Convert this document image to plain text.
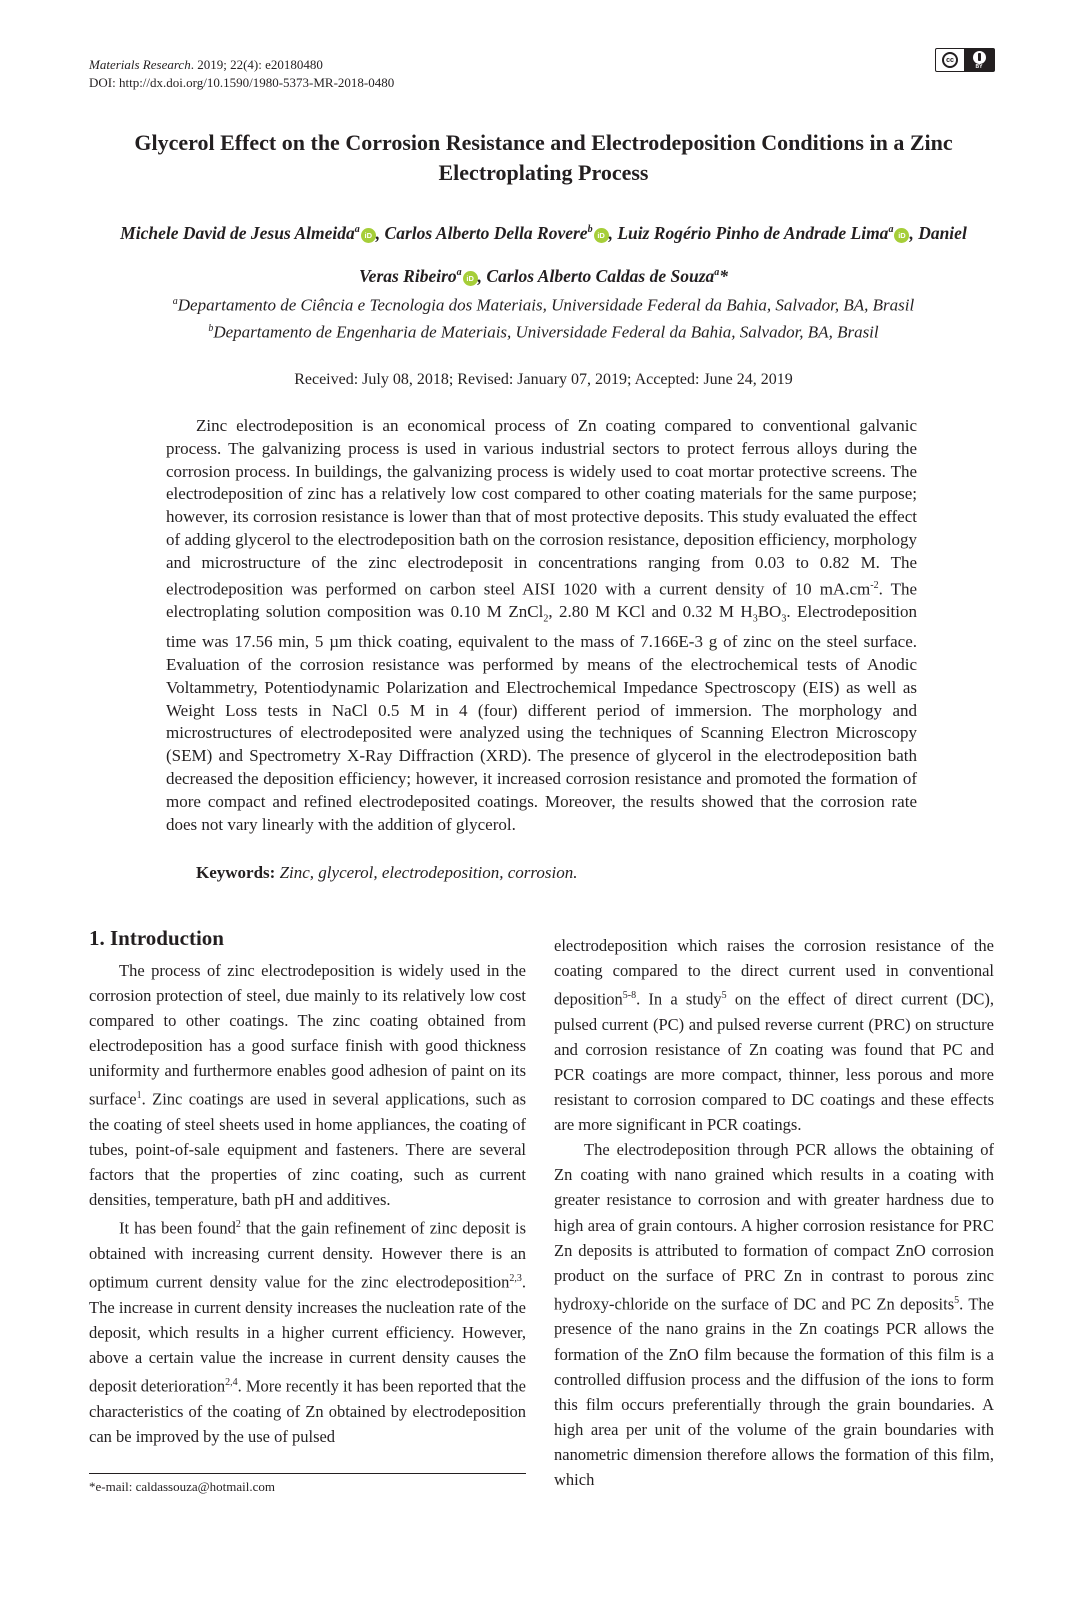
Materials Research. 2019; 22(4): e20180480
DOI: http://dx.doi.org/10.1590/1980-5373-MR-2018-0480
cc
BY
Glycerol Effect on the Corrosion Resistance and Electrodeposition Conditions in a Zinc Electroplating Process
Michele David de Jesus Almeida$^a$iD , Carlos Alberto Della Rovere$^b$iD , Luiz Rogério Pinho de Andrade Lima$^a$iD , Daniel Veras Ribeiro$^a$iD , Carlos Alberto Caldas de Souza$^a$*
$^a$Departamento de Ciência e Tecnologia dos Materiais, Universidade Federal da Bahia, Salvador, BA, Brasil
$^b$Departamento de Engenharia de Materiais, Universidade Federal da Bahia, Salvador, BA, Brasil
Received: July 08, 2018; Revised: January 07, 2019; Accepted: June 24, 2019

Zinc electrodeposition is an economical process of Zn coating compared to conventional galvanic process. The galvanizing process is used in various industrial sectors to protect ferrous alloys during the corrosion process. In buildings, the galvanizing process is widely used to coat mortar protective screens. The electrodeposition of zinc has a relatively low cost compared to other coating materials for the same purpose; however, its corrosion resistance is lower than that of most protective deposits. This study evaluated the effect of adding glycerol to the electrodeposition bath on the corrosion resistance, deposition efficiency, morphology and microstructure of the zinc electrodeposit in concentrations ranging from 0.03 to 0.82 M. The electrodeposition was performed on carbon steel AISI 1020 with a current density of 10 $mA.cm^{-2}$. The electroplating solution composition was 0.10 M ZnCl$_2$, 2.80 M KCl and 0.32 M $H_3BO_3$. Electrodeposition time was 17.56 min, 5 µm thick coating, equivalent to the mass of 7.166E-3 g of zinc on the steel surface. Evaluation of the corrosion resistance was performed by means of the electrochemical tests of Anodic Voltammetry, Potentiodynamic Polarization and Electrochemical Impedance Spectroscopy (EIS) as well as Weight Loss tests in NaCl 0.5 M in 4 (four) different period of immersion. The morphology and microstructures of electrodeposited were analyzed using the techniques of Scanning Electron Microscopy (SEM) and Spectrometry X-Ray Diffraction (XRD). The presence of glycerol in the electrodeposition bath decreased the deposition efficiency; however, it increased corrosion resistance and promoted the formation of more compact and refined electrodeposited coatings. Moreover, the results showed that the corrosion rate does not vary linearly with the addition of glycerol.

Keywords: Zinc, glycerol, electrodeposition, corrosion.
1. Introduction

The process of zinc electrodeposition is widely used in the corrosion protection of steel, due mainly to its relatively low cost compared to other coatings. The zinc coating obtained from electrodeposition has a good surface finish with good thickness uniformity and furthermore enables good adhesion of paint on its surface$^1$. Zinc coatings are used in several applications, such as the coating of steel sheets used in home appliances, the coating of tubes, point-of-sale equipment and fasteners. There are several factors that the properties of zinc coating, such as current densities, temperature, bath pH and additives.

It has been found$^2$ that the gain refinement of zinc deposit is obtained with increasing current density. However there is an optimum current density value for the zinc electrodeposition$^{2,3}$. The increase in current density increases the nucleation rate of the deposit, which results in a higher current efficiency. However, above a certain value the increase in current density causes the deposit deterioration$^{2,4}$. More recently it has been reported that the characteristics of the coating of Zn obtained by electrodeposition can be improved by the use of pulsed

electrodeposition which raises the corrosion resistance of the coating compared to the direct current used in conventional deposition$^{5-8}$. In a study$^5$ on the effect of direct current (DC), pulsed current (PC) and pulsed reverse current (PRC) on structure and corrosion resistance of Zn coating was found that PC and PCR coatings are more compact, thinner, less porous and more resistant to corrosion compared to DC coatings and these effects are more significant in PCR coatings.

The electrodeposition through PCR allows the obtaining of Zn coating with nano grained which results in a coating with greater resistance to corrosion and with greater hardness due to high area of grain contours. A higher corrosion resistance for PRC Zn deposits is attributed to formation of compact ZnO corrosion product on the surface of PRC Zn in contrast to porous zinc hydroxy-chloride on the surface of DC and PC Zn deposits$^5$. The presence of the nano grains in the Zn coatings PCR allows the formation of the ZnO film because the formation of this film is a controlled diffusion process and the diffusion of the ions to form this film occurs preferentially through the grain boundaries. A high area per unit of the volume of the grain boundaries with nanometric dimension therefore allows the formation of this film, which

*e-mail: caldassouza@hotmail.com
